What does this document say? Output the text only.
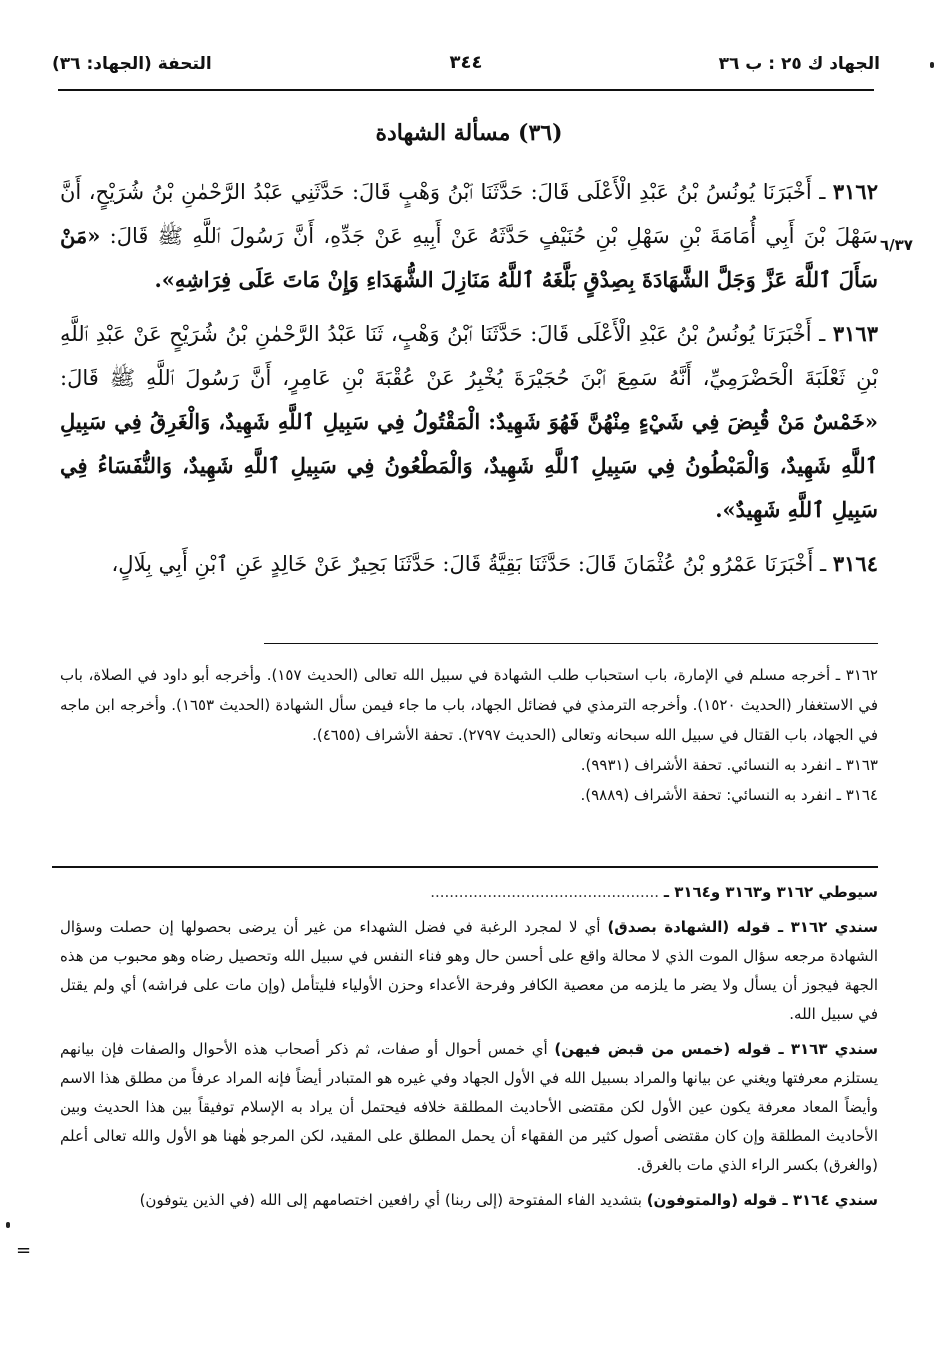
الجهاد ك ٢٥ : ب ٣٦
٣٤٤
التحفة (الجهاد: ٣٦)
(٣٦) مسألة الشهادة
٦/٣٧

٣١٦٢ ـ أَخْبَرَنَا يُونُسُ بْنُ عَبْدِ الْأَعْلَى قَالَ: حَدَّثَنَا ٱبْنُ وَهْبٍ قَالَ: حَدَّثَنِي عَبْدُ الرَّحْمٰنِ بْنُ شُرَيْحٍ، أَنَّ سَهْلَ بْنَ أَبِي أُمَامَةَ بْنِ سَهْلِ بْنِ حُنَيْفٍ حَدَّثَهُ عَنْ أَبِيهِ عَنْ جَدِّهِ، أَنَّ رَسُولَ ٱللَّهِ ﷺ قَالَ: «مَنْ سَأَلَ ٱللَّهَ عَزَّ وَجَلَّ الشَّهَادَةَ بِصِدْقٍ بَلَّغَهُ ٱللَّهُ مَنَازِلَ الشُّهَدَاءِ وَإِنْ مَاتَ عَلَى فِرَاشِهِ».

٣١٦٣ ـ أَخْبَرَنَا يُونُسُ بْنُ عَبْدِ الْأَعْلَى قَالَ: حَدَّثَنَا ٱبْنُ وَهْبٍ، ثَنَا عَبْدُ الرَّحْمٰنِ بْنُ شُرَيْحٍ عَنْ عَبْدِ ٱللَّهِ بْنِ ثَعْلَبَةَ الْحَضْرَمِيِّ، أَنَّهُ سَمِعَ ٱبْنَ حُجَيْرَةَ يُخْبِرُ عَنْ عُقْبَةَ بْنِ عَامِرٍ، أَنَّ رَسُولَ ٱللَّهِ ﷺ قَالَ: «خَمْسٌ مَنْ قُبِضَ فِي شَيْءٍ مِنْهُنَّ فَهُوَ شَهِيدٌ: الْمَقْتُولُ فِي سَبِيلِ ٱللَّهِ شَهِيدٌ، وَالْغَرِقُ فِي سَبِيلِ ٱللَّهِ شَهِيدٌ، وَالْمَبْطُونُ فِي سَبِيلِ ٱللَّهِ شَهِيدٌ، وَالْمَطْعُونُ فِي سَبِيلِ ٱللَّهِ شَهِيدٌ، وَالنُّفَسَاءُ فِي سَبِيلِ ٱللَّهِ شَهِيدٌ».

٣١٦٤ ـ أَخْبَرَنَا عَمْرُو بْنُ عُثْمَانَ قَالَ: حَدَّثَنَا بَقِيَّةُ قَالَ: حَدَّثَنَا بَحِيرٌ عَنْ خَالِدٍ عَنِ ٱبْنِ أَبِي بِلَالٍ،

٣١٦٢ ـ أخرجه مسلم في الإمارة، باب استحباب طلب الشهادة في سبيل الله تعالى (الحديث ١٥٧). وأخرجه أبو داود في الصلاة، باب في الاستغفار (الحديث ١٥٢٠). وأخرجه الترمذي في فضائل الجهاد، باب ما جاء فيمن سأل الشهادة (الحديث ١٦٥٣). وأخرجه ابن ماجه في الجهاد، باب القتال في سبيل الله سبحانه وتعالى (الحديث ٢٧٩٧). تحفة الأشراف (٤٦٥٥).

٣١٦٣ ـ انفرد به النسائي. تحفة الأشراف (٩٩٣١).

٣١٦٤ ـ انفرد به النسائي: تحفة الأشراف (٩٨٨٩).

سيوطي ٣١٦٢ و٣١٦٣ و٣١٦٤ ـ ................................................

سندي ٣١٦٢ ـ قوله (الشهادة بصدق) أي لا لمجرد الرغبة في فضل الشهداء من غير أن يرضى بحصولها إن حصلت وسؤال الشهادة مرجعه سؤال الموت الذي لا محالة واقع على أحسن حال وهو فناء النفس في سبيل الله وتحصيل رضاه وهو محبوب من هذه الجهة فيجوز أن يسأل ولا يضر ما يلزمه من معصية الكافر وفرحة الأعداء وحزن الأولياء فليتأمل (وإن مات على فراشه) أي ولم يقتل في سبيل الله.

سندي ٣١٦٣ ـ قوله (خمس من قبض فيهن) أي خمس أحوال أو صفات، ثم ذكر أصحاب هذه الأحوال والصفات فإن بيانهم يستلزم معرفتها ويغني عن بيانها والمراد بسبيل الله في الأول الجهاد وفي غيره هو المتبادر أيضاً فإنه المراد عرفاً من مطلق هذا الاسم وأيضاً المعاد معرفة يكون عين الأول لكن مقتضى الأحاديث المطلقة خلافه فيحتمل أن يراد به الإسلام توفيقاً بين هذا الحديث وبين الأحاديث المطلقة وإن كان مقتضى أصول كثير من الفقهاء أن يحمل المطلق على المقيد، لكن المرجو هٰهنا هو الأول والله تعالى أعلم (والغرق) بكسر الراء الذي مات بالغرق.

سندي ٣١٦٤ ـ قوله (والمتوفون) بتشديد الفاء المفتوحة (إلى ربنا) أي رافعين اختصامهم إلى الله (في الذين يتوفون)

=
